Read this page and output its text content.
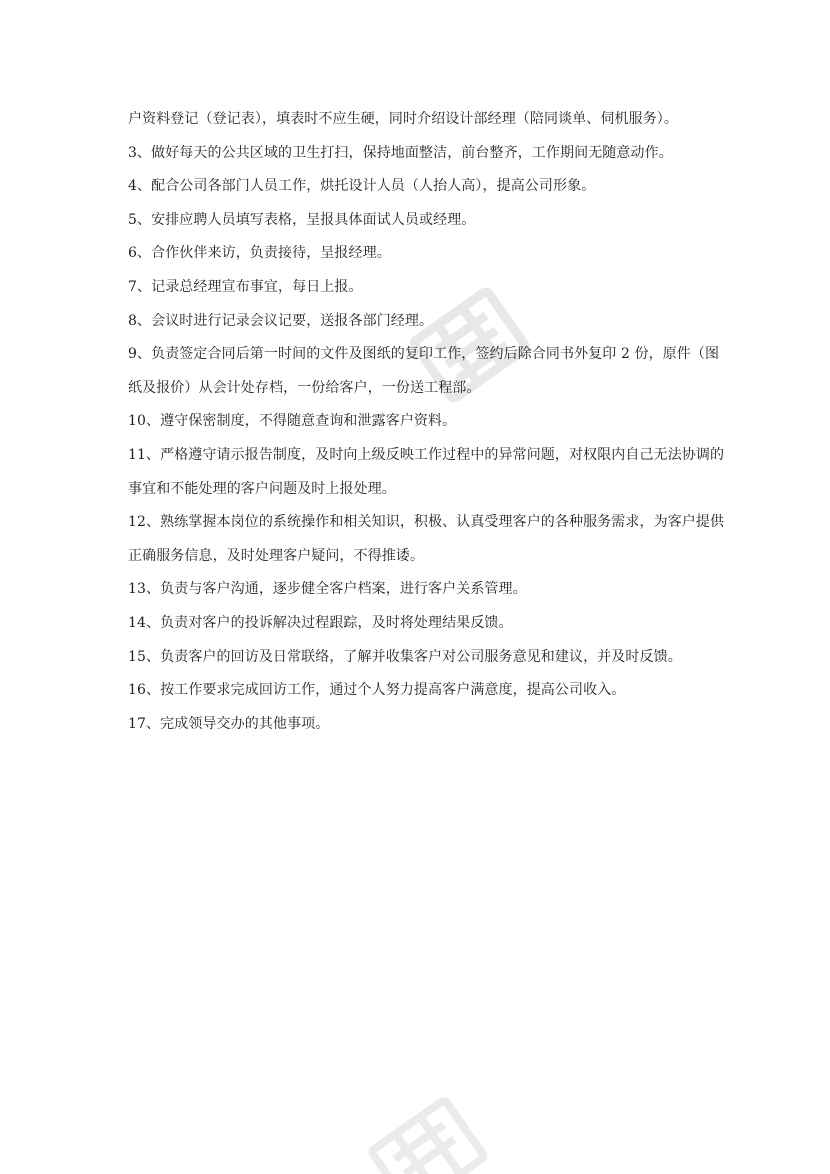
户资料登记（登记表），填表时不应生硬，同时介绍设计部经理（陪同谈单、伺机服务）。

3、做好每天的公共区域的卫生打扫，保持地面整洁，前台整齐，工作期间无随意动作。

4、配合公司各部门人员工作，烘托设计人员（人抬人高），提高公司形象。

5、安排应聘人员填写表格，呈报具体面试人员或经理。

6、合作伙伴来访，负责接待，呈报经理。

7、记录总经理宣布事宜，每日上报。

8、会议时进行记录会议记要，送报各部门经理。

9、负责签定合同后第一时间的文件及图纸的复印工作，签约后除合同书外复印 2 份，原件（图纸及报价）从会计处存档，一份给客户，一份送工程部。

10、遵守保密制度，不得随意查询和泄露客户资料。

11、严格遵守请示报告制度，及时向上级反映工作过程中的异常问题，对权限内自己无法协调的事宜和不能处理的客户问题及时上报处理。

12、熟练掌握本岗位的系统操作和相关知识，积极、认真受理客户的各种服务需求，为客户提供正确服务信息，及时处理客户疑问，不得推诿。

13、负责与客户沟通，逐步健全客户档案，进行客户关系管理。

14、负责对客户的投诉解决过程跟踪，及时将处理结果反馈。

15、负责客户的回访及日常联络，了解并收集客户对公司服务意见和建议，并及时反馈。

16、按工作要求完成回访工作，通过个人努力提高客户满意度，提高公司收入。

17、完成领导交办的其他事项。
